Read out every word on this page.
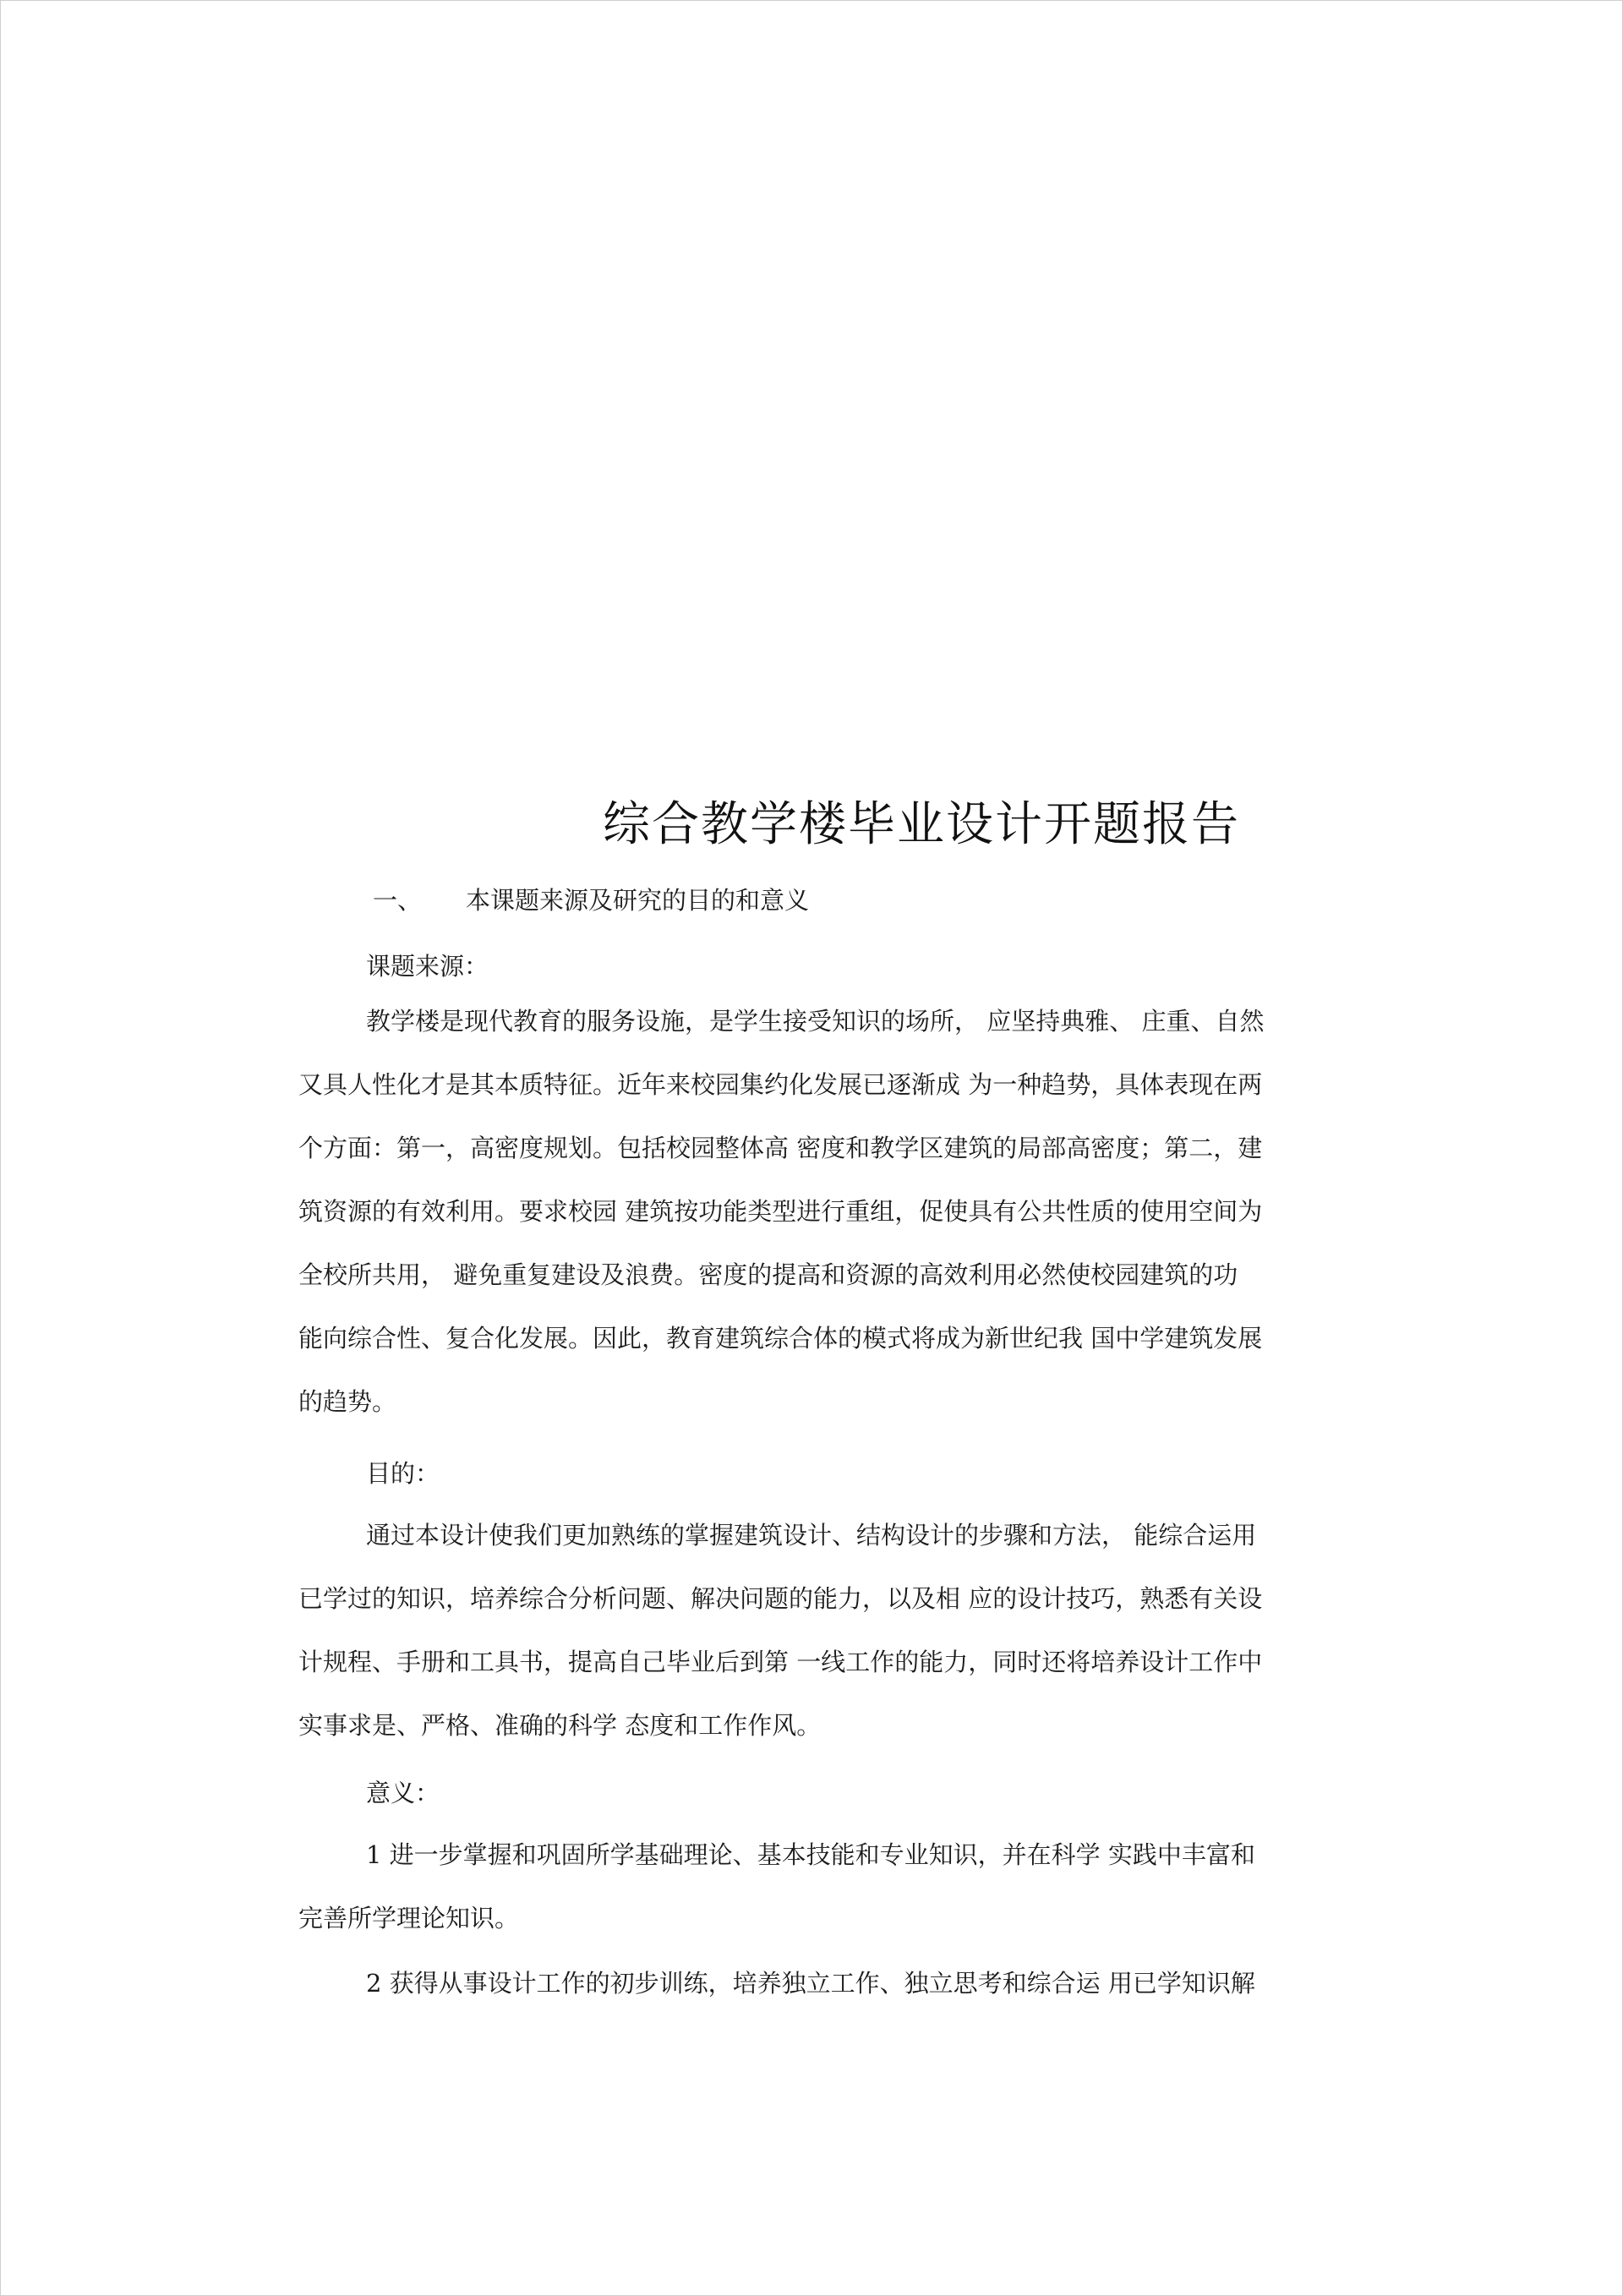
综合教学楼毕业设计开题报告
一、 本课题来源及研究的目的和意义
课题来源：
教学楼是现代教育的服务设施，是学生接受知识的场所， 应坚持典雅、 庄重、自然
又具人性化才是其本质特征。近年来校园集约化发展已逐渐成 为一种趋势，具体表现在两
个方面：第一，高密度规划。包括校园整体高 密度和教学区建筑的局部高密度；第二，建
筑资源的有效利用。要求校园 建筑按功能类型进行重组，促使具有公共性质的使用空间为
全校所共用， 避免重复建设及浪费。密度的提高和资源的高效利用必然使校园建筑的功
能向综合性、复合化发展。因此，教育建筑综合体的模式将成为新世纪我 国中学建筑发展
的趋势。
目的：
通过本设计使我们更加熟练的掌握建筑设计、结构设计的步骤和方法， 能综合运用
已学过的知识，培养综合分析问题、解决问题的能力，以及相 应的设计技巧，熟悉有关设
计规程、手册和工具书，提高自己毕业后到第 一线工作的能力，同时还将培养设计工作中
实事求是、严格、准确的科学 态度和工作作风。
意义：
1 进一步掌握和巩固所学基础理论、基本技能和专业知识，并在科学 实践中丰富和
完善所学理论知识。
2 获得从事设计工作的初步训练，培养独立工作、独立思考和综合运 用已学知识解
